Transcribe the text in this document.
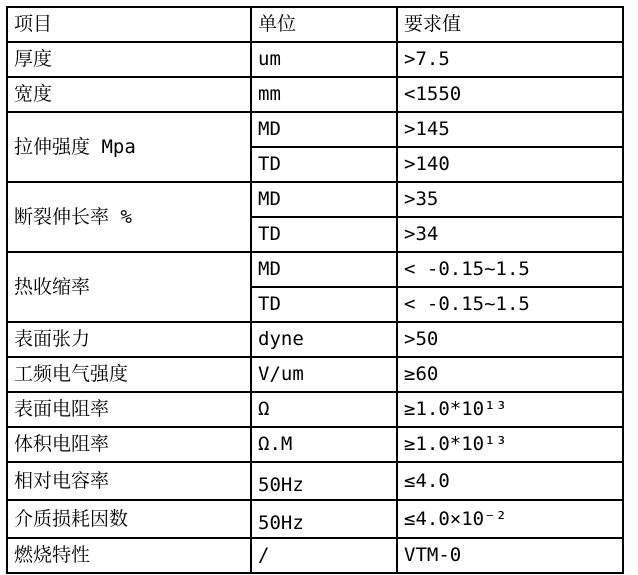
项目	单位	要求值
厚度	um	>7.5
宽度	mm	<1550
拉伸强度 Mpa	MD	>145
	TD	>140
断裂伸长率 %	MD	>35
	TD	>34
热收缩率	MD	< -0.15~1.5
	TD	< -0.15~1.5
表面张力	dyne	>50
工频电气强度	V/um	≥60
表面电阻率	Ω	≥1.0*10¹³
体积电阻率	Ω.M	≥1.0*10¹³
相对电容率	50Hz	≤4.0
介质损耗因数	50Hz	≤4.0×10⁻²
燃烧特性	/	VTM-0
